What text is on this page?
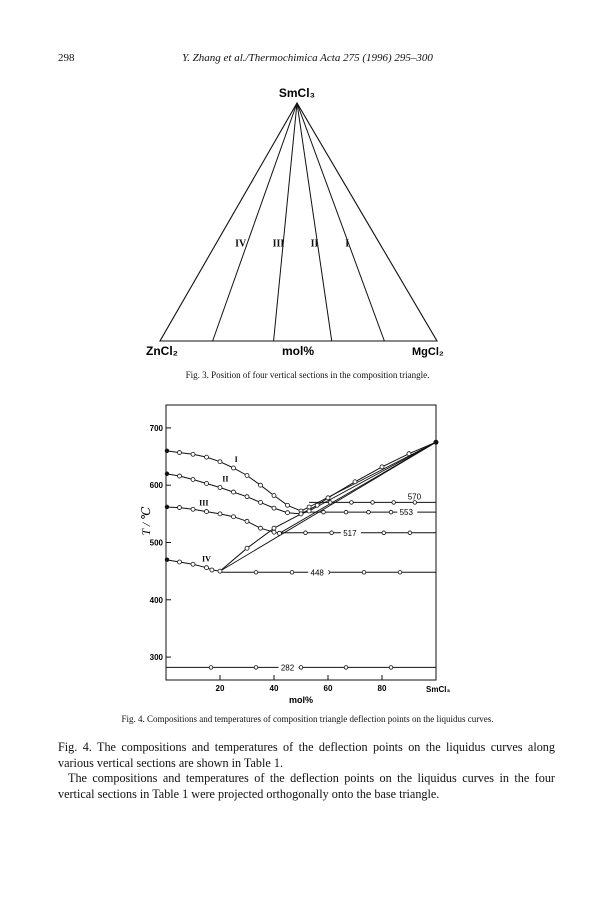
298	Y. Zhang et al./Thermochimica Acta 275 (1996) 295–300
IV	III	II	I
SmCl₃
ZnCl₂	mol%	MgCl₂
Fig. 3. Position of four vertical sections in the composition triangle.
300
400
500
600
700
20	40	60	80
570
553
517
448
282
I
II
III
IV
T / ℃
mol%
SmCl₃
Fig. 4. Compositions and temperatures of composition triangle deflection points on the liquidus curves.

Fig. 4. The compositions and temperatures of the deflection points on the liquidus curves along various vertical sections are shown in Table 1.

The compositions and temperatures of the deflection points on the liquidus curves in the four vertical sections in Table 1 were projected orthogonally onto the base triangle.
